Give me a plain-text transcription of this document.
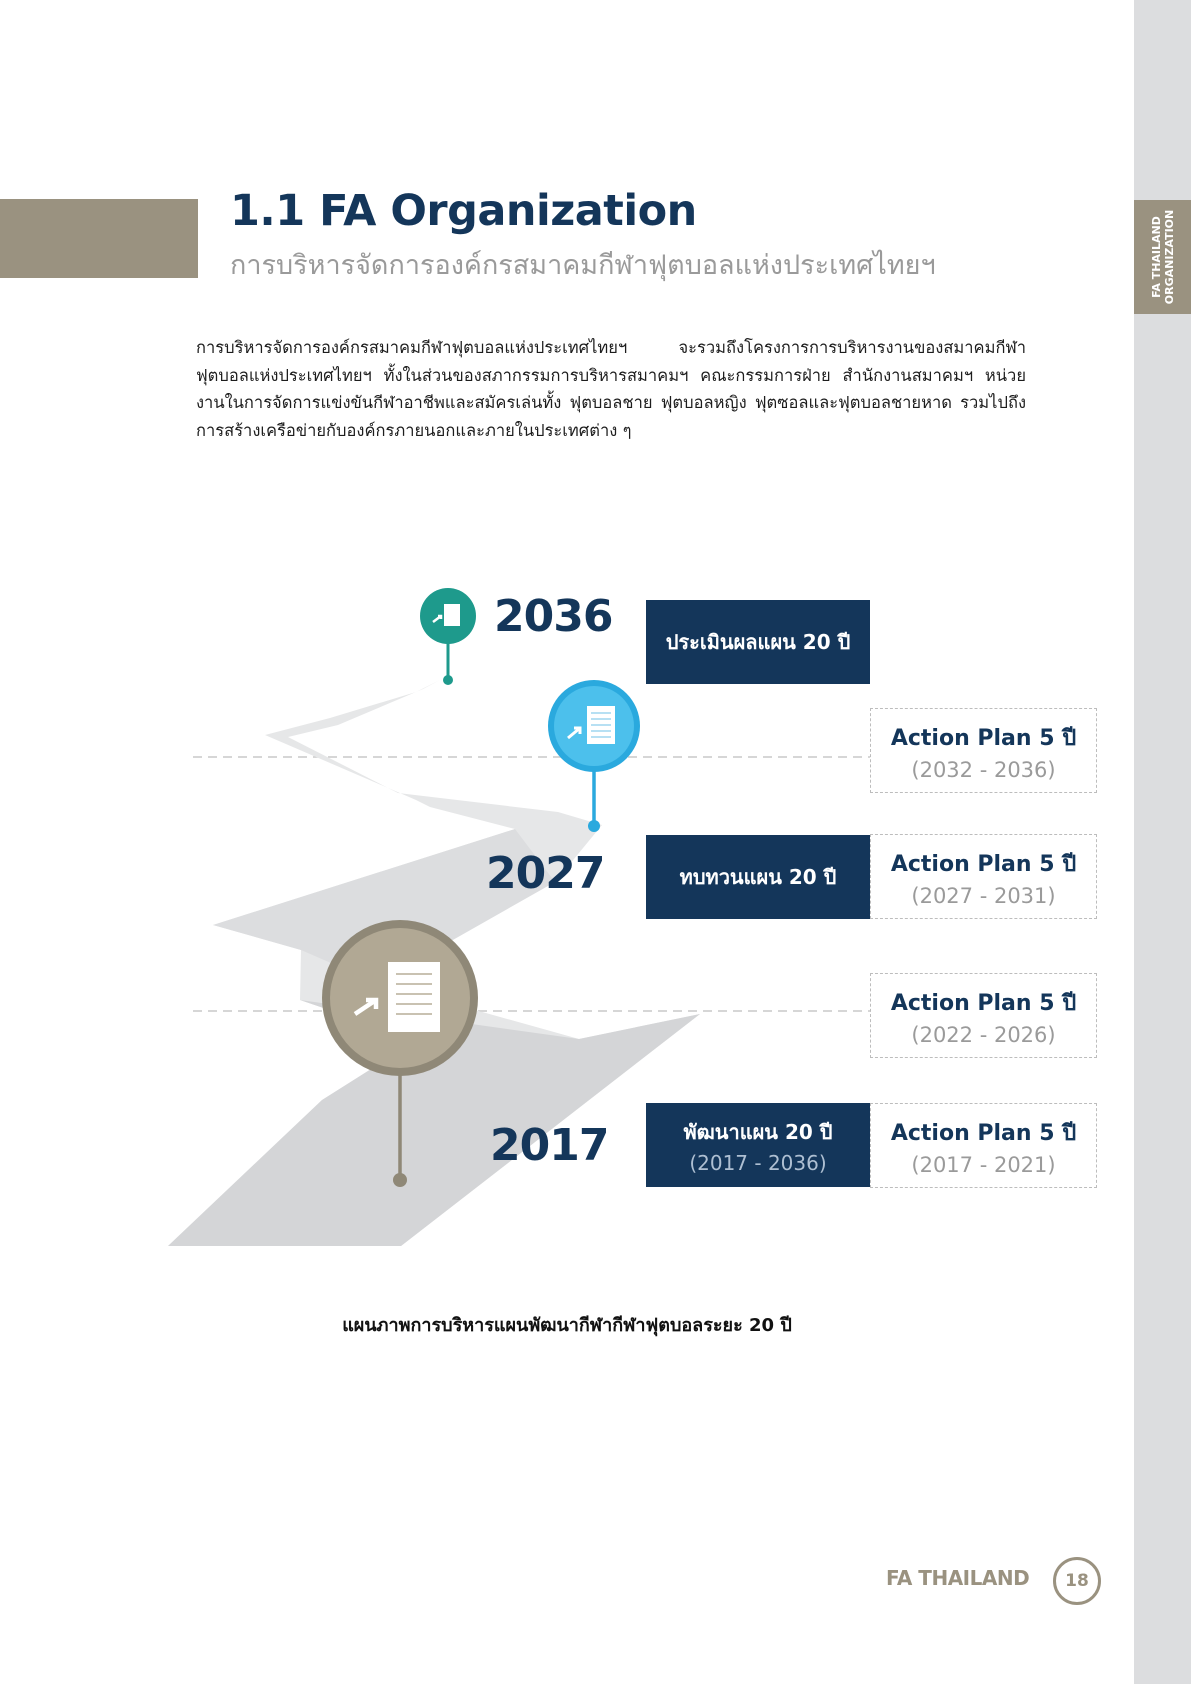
FA THAILAND ORGANIZATION
1.1 FA Organization
การบริหารจัดการองค์กรสมาคมกีฬาฟุตบอลแห่งประเทศไทยฯ
การบริหารจัดการองค์กรสมาคมกีฬาฟุตบอลแห่งประเทศไทยฯ จะรวมถึงโครงการการบริหารงานของสมาคมกีฬาฟุตบอลแห่งประเทศไทยฯ ทั้งในส่วนของสภากรรมการบริหารสมาคมฯ คณะกรรมการฝ่าย สำนักงานสมาคมฯ หน่วยงานในการจัดการแข่งขันกีฬาอาชีพและสมัครเล่นทั้ง ฟุตบอลชาย ฟุตบอลหญิง ฟุตซอลและฟุตบอลชายหาด รวมไปถึงการสร้างเครือข่ายกับองค์กรภายนอกและภายในประเทศต่าง ๆ
2036
2027
2017
ประเมินผลแผน 20 ปี
ทบทวนแผน 20 ปี
พัฒนาแผน 20 ปี
(2017 - 2036)
Action Plan 5 ปี
(2032 - 2036)
Action Plan 5 ปี
(2027 - 2031)
Action Plan 5 ปี
(2022 - 2026)
Action Plan 5 ปี
(2017 - 2021)
แผนภาพการบริหารแผนพัฒนากีฬากีฬาฟุตบอลระยะ 20 ปี
FA THAILAND 18
